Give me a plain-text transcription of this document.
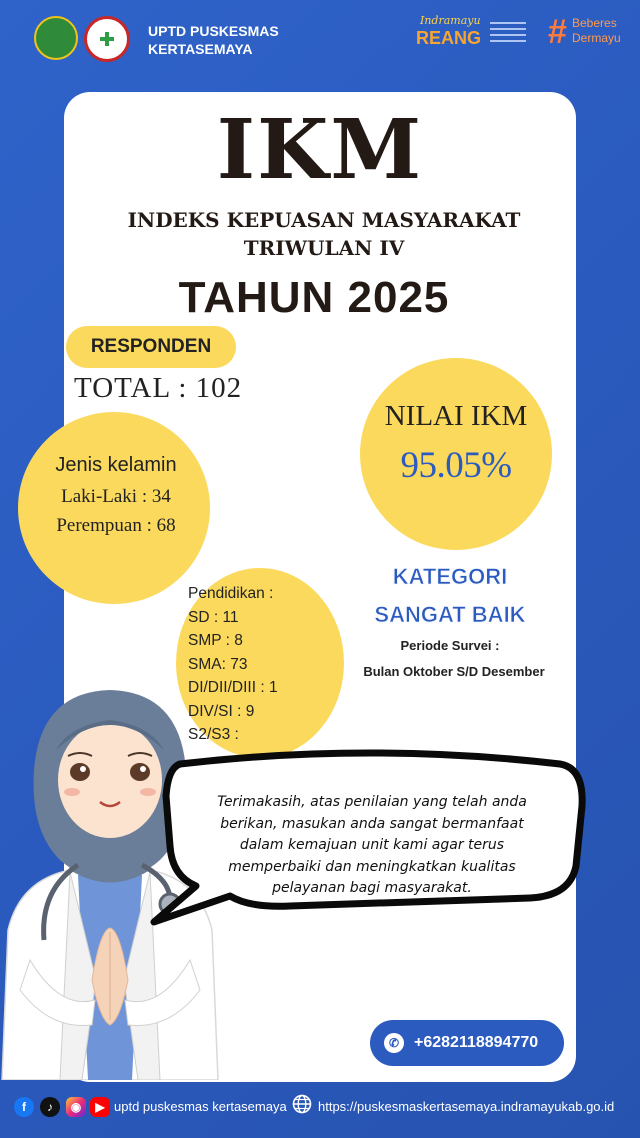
UPTD PUSKESMAS
KERTASEMAYA
Indramayu
REANG # Beberes
Dermayu
IKM
INDEKS KEPUASAN MASYARAKAT
TRIWULAN IV
TAHUN 2025
RESPONDEN
TOTAL : 102
Jenis kelamin
Laki-Laki : 34
Perempuan : 68
NILAI IKM
95.05%
Pendidikan :
SD : 11
SMP : 8
SMA: 73
DI/DII/DIII : 1
DIV/SI : 9
S2/S3 :
KATEGORI
SANGAT BAIK
Periode Survei :
Bulan Oktober S/D Desember
Terimakasih, atas penilaian yang telah anda
berikan, masukan anda sangat bermanfaat
dalam kemajuan unit kami agar terus
memperbaiki dan meningkatkan kualitas
pelayanan bagi masyarakat.
✆ +6282118894770
f	♪	◉	▶ uptd puskesmas kertasemaya https://puskesmaskertasemaya.indramayukab.go.id
